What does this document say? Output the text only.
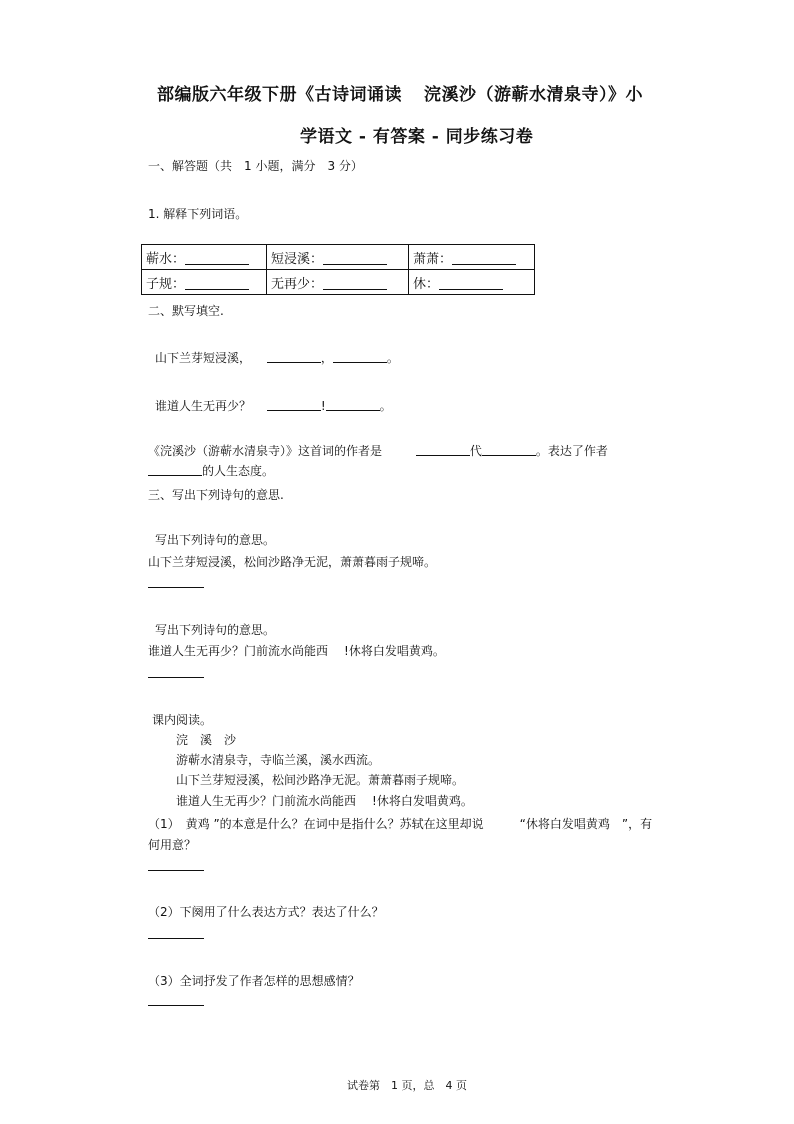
部编版六年级下册《古诗词诵读 浣溪沙（游蕲水清泉寺）》小
学语文 - 有答案 - 同步练习卷
一、解答题（共　1 小题，满分　3 分）
1. 解释下列词语。
蕲水：	短浸溪：	萧萧：
子规：	无再少：	休：
二、默写填空.
山下兰芽短浸溪，	，	。
谁道人生无再少？	!	。
《浣溪沙（游蕲水清泉寺）》这首词的作者是	代	。表达了作者
的人生态度。
三、写出下列诗句的意思.
写出下列诗句的意思。
山下兰芽短浸溪，松间沙路净无泥，萧萧暮雨子规啼。
写出下列诗句的意思。
谁道人生无再少？门前流水尚能西 !休将白发唱黄鸡。
课内阅读。
浣　溪　沙
游蕲水清泉寺，寺临兰溪，溪水西流。
山下兰芽短浸溪，松间沙路净无泥。萧萧暮雨子规啼。
谁道人生无再少？门前流水尚能西 !休将白发唱黄鸡。
（1）　黄鸡 ”的本意是什么？在词中是指什么？苏轼在这里却说	“休将白发唱黄鸡　”，有
何用意？
（2）下阕用了什么表达方式？表达了什么？
（3）全词抒发了作者怎样的思想感情？
试卷第　1 页，总　4 页
